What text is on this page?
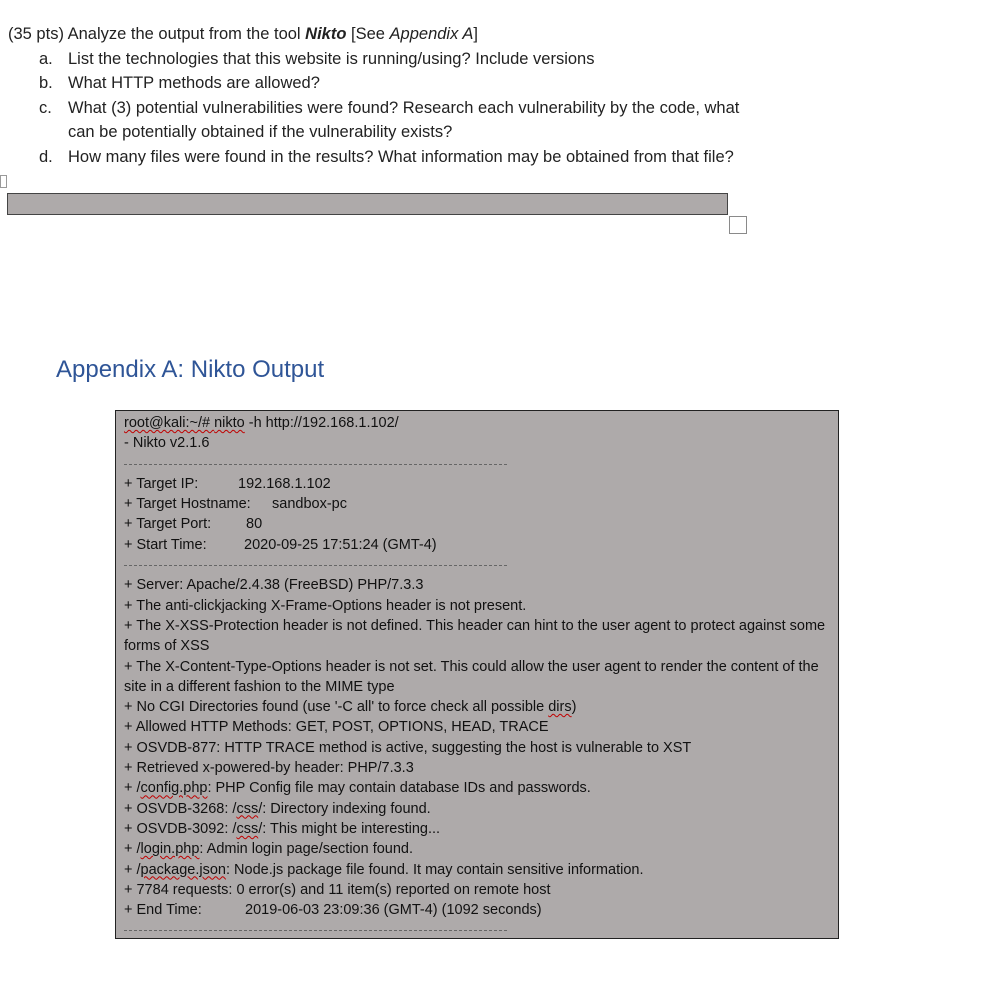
(35 pts) Analyze the output from the tool Nikto [See Appendix A]

a. List the technologies that this website is running/using? Include versions
b. What HTTP methods are allowed?
c. What (3) potential vulnerabilities were found? Research each vulnerability by the code, what can be potentially obtained if the vulnerability exists?
d. How many files were found in the results? What information may be obtained from that file?
Appendix A: Nikto Output
root@kali:~/# nikto -h http://192.168.1.102/
- Nikto v2.1.6
+ Target IP:	192.168.1.102
+ Target Hostname:	sandbox-pc
+ Target Port:	80
+ Start Time:	2020-09-25 17:51:24 (GMT-4)
+ Server: Apache/2.4.38 (FreeBSD) PHP/7.3.3
+ The anti-clickjacking X-Frame-Options header is not present.
+ The X-XSS-Protection header is not defined. This header can hint to the user agent to protect against some forms of XSS
+ The X-Content-Type-Options header is not set. This could allow the user agent to render the content of the site in a different fashion to the MIME type
+ No CGI Directories found (use '-C all' to force check all possible dirs)
+ Allowed HTTP Methods: GET, POST, OPTIONS, HEAD, TRACE
+ OSVDB-877: HTTP TRACE method is active, suggesting the host is vulnerable to XST
+ Retrieved x-powered-by header: PHP/7.3.3
+ /config.php: PHP Config file may contain database IDs and passwords.
+ OSVDB-3268: /css/: Directory indexing found.
+ OSVDB-3092: /css/: This might be interesting...
+ /login.php: Admin login page/section found.
+ /package.json: Node.js package file found. It may contain sensitive information.
+ 7784 requests: 0 error(s) and 11 item(s) reported on remote host
+ End Time:	2019-06-03 23:09:36 (GMT-4) (1092 seconds)
